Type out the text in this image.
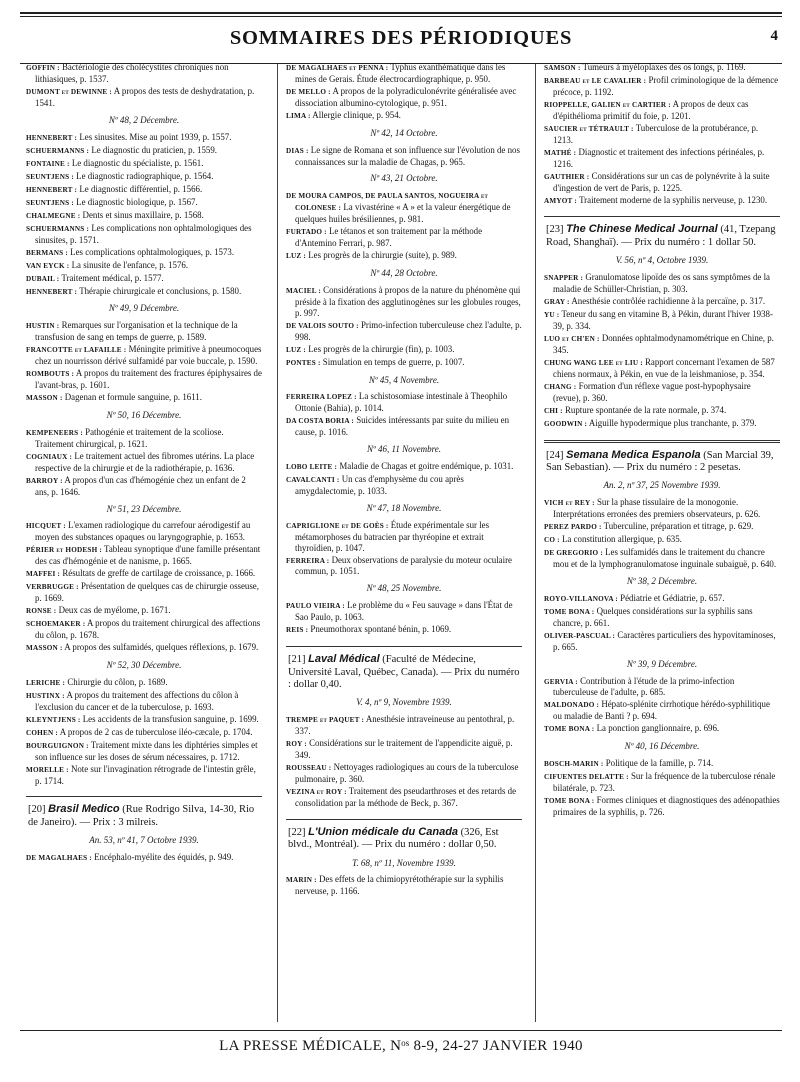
SOMMAIRES DES PÉRIODIQUES	4
GOFFIN : Bactériologie des cholécystites chroniques non lithiasiques, p. 1537.
DUMONT et DEWINNE : A propos des tests de deshydratation, p. 1541.
Nº 48, 2 Décembre.
HENNEBERT : Les sinusites. Mise au point 1939, p. 1557.
SCHUERMANNS : Le diagnostic du praticien, p. 1559.
FONTAINE : Le diagnostic du spécialiste, p. 1561.
SEUNTJENS : Le diagnostic radiographique, p. 1564.
HENNEBERT : Le diagnostic différentiel, p. 1566.
SEUNTJENS : Le diagnostic biologique, p. 1567.
CHALMEGNE : Dents et sinus maxillaire, p. 1568.
SCHUERMANNS : Les complications non ophtalmologiques des sinusites, p. 1571.
BERMANS : Les complications ophtalmologiques, p. 1573.
VAN EYCK : La sinusite de l'enfance, p. 1576.
DUBAIL : Traitement médical, p. 1577.
HENNEBERT : Thérapie chirurgicale et conclusions, p. 1580.
Nº 49, 9 Décembre.
HUSTIN : Remarques sur l'organisation et la technique de la transfusion de sang en temps de guerre, p. 1589.
FRANCOTTE et LAFAILLE : Méningite primitive à pneumocoques chez un nourrisson dérivé sulfamidé par voie buccale, p. 1590.
ROMBOUTS : A propos du traitement des fractures épiphysaires de l'avant-bras, p. 1601.
MASSON : Dagenan et formule sanguine, p. 1611.
Nº 50, 16 Décembre.
KEMPENEERS : Pathogénie et traitement de la scoliose. Traitement chirurgical, p. 1621.
COGNIAUX : Le traitement actuel des fibromes utérins. La place respective de la chirurgie et de la radiothérapie, p. 1636.
BARROY : A propos d'un cas d'hémogénie chez un enfant de 2 ans, p. 1646.
Nº 51, 23 Décembre.
HICQUET : L'examen radiologique du carrefour aérodigestif au moyen des substances opaques ou laryngographie, p. 1653.
PÉRIER et HODESH : Tableau synoptique d'une famille présentant des cas d'hémogénie et de nanisme, p. 1665.
MAFFEI : Résultats de greffe de cartilage de croissance, p. 1666.
VERBRUGGE : Présentation de quelques cas de chirurgie osseuse, p. 1669.
RONSE : Deux cas de myélome, p. 1671.
SCHOEMAKER : A propos du traitement chirurgical des affections du côlon, p. 1678.
MASSON : A propos des sulfamidés, quelques réflexions, p. 1679.
Nº 52, 30 Décembre.
LERICHE : Chirurgie du côlon, p. 1689.
HUSTINX : A propos du traitement des affections du côlon à l'exclusion du cancer et de la tuberculose, p. 1693.
KLEYNTJENS : Les accidents de la transfusion sanguine, p. 1699.
COHEN : A propos de 2 cas de tuberculose iléo-cæcale, p. 1704.
BOURGUIGNON : Traitement mixte dans les diphtéries simples et son influence sur les doses de sérum nécessaires, p. 1712.
MORELLE : Note sur l'invagination rétrograde de l'intestin grêle, p. 1714.
[20] Brasil Medico (Rue Rodrigo Silva, 14-30, Rio de Janeiro). — Prix : 3 milreis.
An. 53, nº 41, 7 Octobre 1939.
DE MAGALHAES : Encéphalo-myélite des équidés, p. 949.
DE MAGALHAES et PENNA : Typhus exanthématique dans les mines de Gerais. Étude électrocardiographique, p. 950.
DE MELLO : A propos de la polyradiculonévrite généralisée avec dissociation albumino-cytologique, p. 951.
LIMA : Allergie clinique, p. 954.
Nº 42, 14 Octobre.
DIAS : Le signe de Romana et son influence sur l'évolution de nos connaissances sur la maladie de Chagas, p. 965.
Nº 43, 21 Octobre.
DE MOURA CAMPOS, DE PAULA SANTOS, NOGUEIRA et COLONESE : La vivastérine « A » et la valeur énergétique de quelques huiles brésiliennes, p. 981.
FURTADO : Le tétanos et son traitement par la méthode d'Antemino Ferrari, p. 987.
LUZ : Les progrès de la chirurgie (suite), p. 989.
Nº 44, 28 Octobre.
MACIEL : Considérations à propos de la nature du phénomène qui préside à la fixation des agglutinogènes sur les globules rouges, p. 997.
DE VALOIS SOUTO : Primo-infection tuberculeuse chez l'adulte, p. 998.
LUZ : Les progrès de la chirurgie (fin), p. 1003.
PONTES : Simulation en temps de guerre, p. 1007.
Nº 45, 4 Novembre.
FERREIRA LOPEZ : La schistosomiase intestinale à Theophilo Ottonie (Bahia), p. 1014.
DA COSTA BORIA : Suicides intéressants par suite du milieu en cause, p. 1016.
Nº 46, 11 Novembre.
LOBO LEITE : Maladie de Chagas et goitre endémique, p. 1031.
CAVALCANTI : Un cas d'emphysème du cou après amygdalectomie, p. 1033.
Nº 47, 18 Novembre.
CAPRIGLIONE et DE GOÈS : Étude expérimentale sur les métamorphoses du batracien par thyréopine et extrait thyroïdien, p. 1047.
FERREIRA : Deux observations de paralysie du moteur oculaire commun, p. 1051.
Nº 48, 25 Novembre.
PAULO VIEIRA : Le problème du « Feu sauvage » dans l'État de Sao Paulo, p. 1063.
REIS : Pneumothorax spontané bénin, p. 1069.
[21] Laval Médical (Faculté de Médecine, Université Laval, Québec, Canada). — Prix du numéro : dollar 0,40.
V. 4, nº 9, Novembre 1939.
TREMPE et PAQUET : Anesthésie intraveineuse au pentothral, p. 337.
ROY : Considérations sur le traitement de l'appendicite aiguë, p. 349.
ROUSSEAU : Nettoyages radiologiques au cours de la tuberculose pulmonaire, p. 360.
VEZINA et ROY : Traitement des pseudarthroses et des retards de consolidation par la méthode de Beck, p. 367.
[22] L'Union médicale du Canada (326, Est blvd., Montréal). — Prix du numéro : dollar 0,50.
T. 68, nº 11, Novembre 1939.
MARIN : Des effets de la chimiopyrétothérapie sur la syphilis nerveuse, p. 1166.
SAMSON : Tumeurs à myéloplaxes des os longs, p. 1169.
BARBEAU et LE CAVALIER : Profil criminologique de la démence précoce, p. 1192.
RIOPPELLE, GALIEN et CARTIER : A propos de deux cas d'épithélioma primitif du foie, p. 1201.
SAUCIER et TÉTRAULT : Tuberculose de la protubérance, p. 1213.
MATHÉ : Diagnostic et traitement des infections périnéales, p. 1216.
GAUTHIER : Considérations sur un cas de polynévrite à la suite d'ingestion de vert de Paris, p. 1225.
AMYOT : Traitement moderne de la syphilis nerveuse, p. 1230.
[23] The Chinese Medical Journal (41, Tzepang Road, Shanghaï). — Prix du numéro : 1 dollar 50.
V. 56, nº 4, Octobre 1939.
SNAPPER : Granulomatose lipoïde des os sans symptômes de la maladie de Schüller-Christian, p. 303.
GRAY : Anesthésie contrôlée rachidienne à la percaïne, p. 317.
YU : Teneur du sang en vitamine B, à Pékin, durant l'hiver 1938-39, p. 334.
LUO et CH'EN : Données ophtalmodynamométrique en Chine, p. 345.
CHUNG WANG LEE et LIU : Rapport concernant l'examen de 587 chiens normaux, à Pékin, en vue de la leishmaniose, p. 354.
CHANG : Formation d'un réflexe vague post-hypophysaire (revue), p. 360.
CHI : Rupture spontanée de la rate normale, p. 374.
GOODWIN : Aiguille hypodermique plus tranchante, p. 379.
[24] Semana Medica Espanola (San Marcial 39, San Sebastian). — Prix du numéro : 2 pesetas.
An. 2, nº 37, 25 Novembre 1939.
VICH et REY : Sur la phase tissulaire de la monogonie. Interprétations erronées des premiers observateurs, p. 626.
PEREZ PARDO : Tuberculine, préparation et titrage, p. 629.
CO : La constitution allergique, p. 635.
DE GREGORIO : Les sulfamidés dans le traitement du chancre mou et de la lymphogranulomatose inguinale subaiguë, p. 640.
Nº 38, 2 Décembre.
ROYO-VILLANOVA : Pédiatrie et Gédiatrie, p. 657.
TOME BONA : Quelques considérations sur la syphilis sans chancre, p. 661.
OLIVER-PASCUAL : Caractères particuliers des hypovitaminoses, p. 665.
Nº 39, 9 Décembre.
GERVIA : Contribution à l'étude de la primo-infection tuberculeuse de l'adulte, p. 685.
MALDONADO : Hépato-splénite cirrhotique hérédo-syphilitique ou maladie de Banti ? p. 694.
TOME BONA : La ponction ganglionnaire, p. 696.
Nº 40, 16 Décembre.
BOSCH-MARIN : Politique de la famille, p. 714.
CIFUENTES DELATTE : Sur la fréquence de la tuberculose rénale bilatérale, p. 723.
TOME BONA : Formes cliniques et diagnostiques des adénopathies primaires de la syphilis, p. 726.
LA PRESSE MÉDICALE, Nᵒˢ 8-9, 24-27 JANVIER 1940
